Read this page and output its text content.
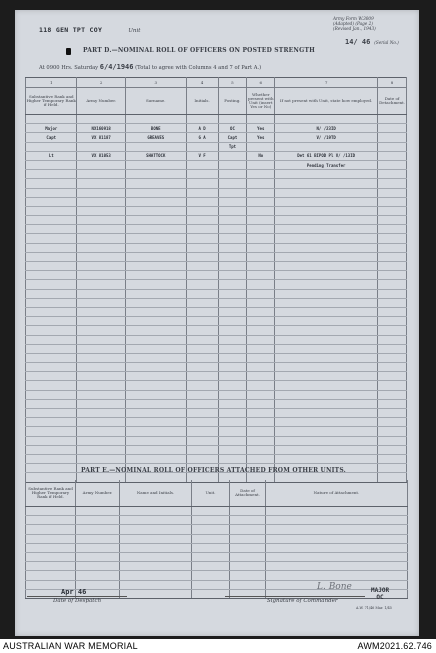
118 GEN TPT COY	Unit
Army Form W.3009
(Adapted) (Page 2)
(Revised Jan., 1943)
14/ 46 (Serial No.)
PART D.—NOMINAL ROLL OF OFFICERS ON POSTED STRENGTH
At 0900 Hrs. Saturday 6/4/1946 (Total to agree with Columns 4 and 7 of Part A.)
1	2	3	4	5	6	7	8
Substantive Rank and Higher Temporary Rank if Held.	Army Number.	Surname.	Initials.	Posting.	Whether present with Unit (insert Yes or No)	If not present with Unit, state how employed.	Date of Detachment.

Major	NX160918	BONE	A D	OC	Yes	N/ /23ID	
Capt	VX 81187	GREAVES	G A	Capt	Yes	V/ /19TD	
				Tpt			
Lt	VX 81053	SHATTOCK	V F		No	Det 61 BIPOD Pl V/ /13ID	
						Pending Transfer	

PART E.—NOMINAL ROLL OF OFFICERS ATTACHED FROM OTHER UNITS.
Substantive Rank and Higher Temporary Rank if Held.	Army Number.	Name and Initials.	Unit.	Date of Attachment.	Nature of Attachment.

Apr 46
Date of Despatch
L. Bone
Signature of Commander
MAJOR
OC
A.W. 71/46 Mar. 1/45
AUSTRALIAN WAR MEMORIAL	AWM2021.62.746
